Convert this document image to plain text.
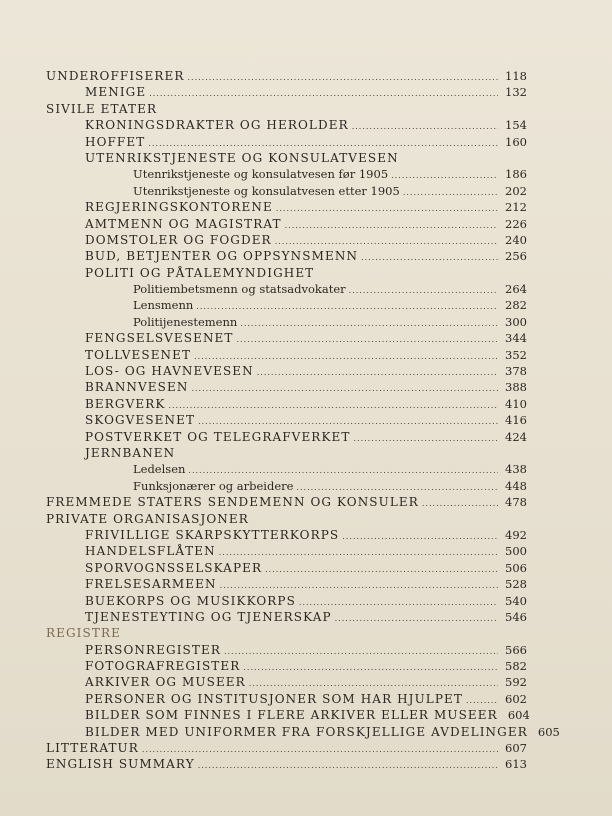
UNDEROFFISERER .....	118
MENIGE .....	132
SIVILE ETATER
KRONINGSDRAKTER OG HEROLDER .....	154
HOFFET .....	160
UTENRIKSTJENESTE OG KONSULATVESEN
Utenrikstjeneste og konsulatvesen før 1905 .....	186
Utenrikstjeneste og konsulatvesen etter 1905 .....	202
REGJERINGSKONTORENE .....	212
AMTMENN OG MAGISTRAT .....	226
DOMSTOLER OG FOGDER .....	240
BUD, BETJENTER OG OPPSYNSMENN .....	256
POLITI OG PÅTALEMYNDIGHET
Politiembetsmenn og statsadvokater .....	264
Lensmenn .....	282
Politijenestemenn .....	300
FENGSELSVESENET .....	344
TOLLVESENET .....	352
LOS- OG HAVNEVESEN .....	378
BRANNVESEN .....	388
BERGVERK .....	410
SKOGVESENET .....	416
POSTVERKET OG TELEGRAFVERKET .....	424
JERNBANEN
Ledelsen .....	438
Funksjonærer og arbeidere .....	448
FREMMEDE STATERS SENDEMENN OG KONSULER .....	478
PRIVATE ORGANISASJONER
FRIVILLIGE SKARPSKYTTERKORPS .....	492
HANDELSFLÅTEN .....	500
SPORVOGNSSELSKAPER .....	506
FRELSESARMEEN .....	528
BUEKORPS OG MUSIKKORPS .....	540
TJENESTEYTING OG TJENERSKAP .....	546
REGISTRE
PERSONREGISTER .....	566
FOTOGRAFREGISTER .....	582
ARKIVER OG MUSEER .....	592
PERSONER OG INSTITUSJONER SOM HAR HJULPET .....	602
BILDER SOM FINNES I FLERE ARKIVER ELLER MUSEER 604
BILDER MED UNIFORMER FRA FORSKJELLIGE AVDELINGER 605
LITTERATUR .....	607
ENGLISH SUMMARY .....	613
